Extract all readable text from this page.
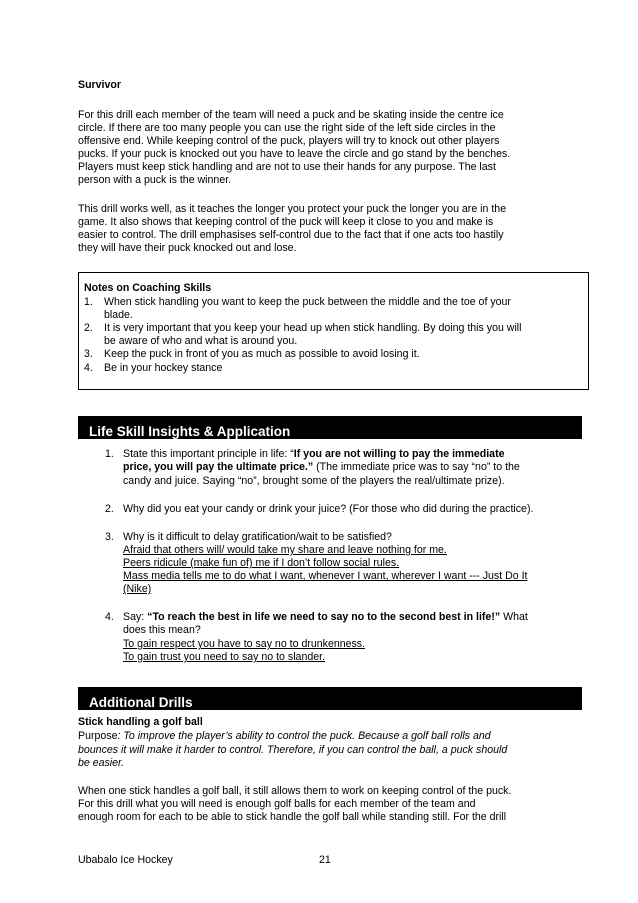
Survivor
For this drill each member of the team will need a puck and be skating inside the centre ice
circle. If there are too many people you can use the right side of the left side circles in the
offensive end. While keeping control of the puck, players will try to knock out other players
pucks. If your puck is knocked out you have to leave the circle and go stand by the benches.
Players must keep stick handling and are not to use their hands for any purpose. The last
person with a puck is the winner.
This drill works well, as it teaches the longer you protect your puck the longer you are in the
game. It also shows that keeping control of the puck will keep it close to you and make is
easier to control. The drill emphasises self-control due to the fact that if one acts too hastily
they will have their puck knocked out and lose.
Notes on Coaching Skills
1. When stick handling you want to keep the puck between the middle and the toe of your
blade.
2. It is very important that you keep your head up when stick handling. By doing this you will
be aware of who and what is around you.
3. Keep the puck in front of you as much as possible to avoid losing it.
4. Be in your hockey stance
Life Skill Insights & Application
1. State this important principle in life: “If you are not willing to pay the immediate
price, you will pay the ultimate price.” (The immediate price was to say “no” to the
candy and juice. Saying “no”, brought some of the players the real/ultimate prize).
2. Why did you eat your candy or drink your juice? (For those who did during the practice).
3. Why is it difficult to delay gratification/wait to be satisfied?
Afraid that others will/ would take my share and leave nothing for me.
Peers ridicule (make fun of) me if I don’t follow social rules.
Mass media tells me to do what I want, whenever I want, wherever I want --- Just Do It
(Nike)
4. Say: “To reach the best in life we need to say no to the second best in life!” What
does this mean?
To gain respect you have to say no to drunkenness.
To gain trust you need to say no to slander.
Additional Drills
Stick handling a golf ball
Purpose: To improve the player’s ability to control the puck. Because a golf ball rolls and
bounces it will make it harder to control. Therefore, if you can control the ball, a puck should
be easier.
When one stick handles a golf ball, it still allows them to work on keeping control of the puck.
For this drill what you will need is enough golf balls for each member of the team and
enough room for each to be able to stick handle the golf ball while standing still. For the drill
Ubabalo Ice Hockey	21
